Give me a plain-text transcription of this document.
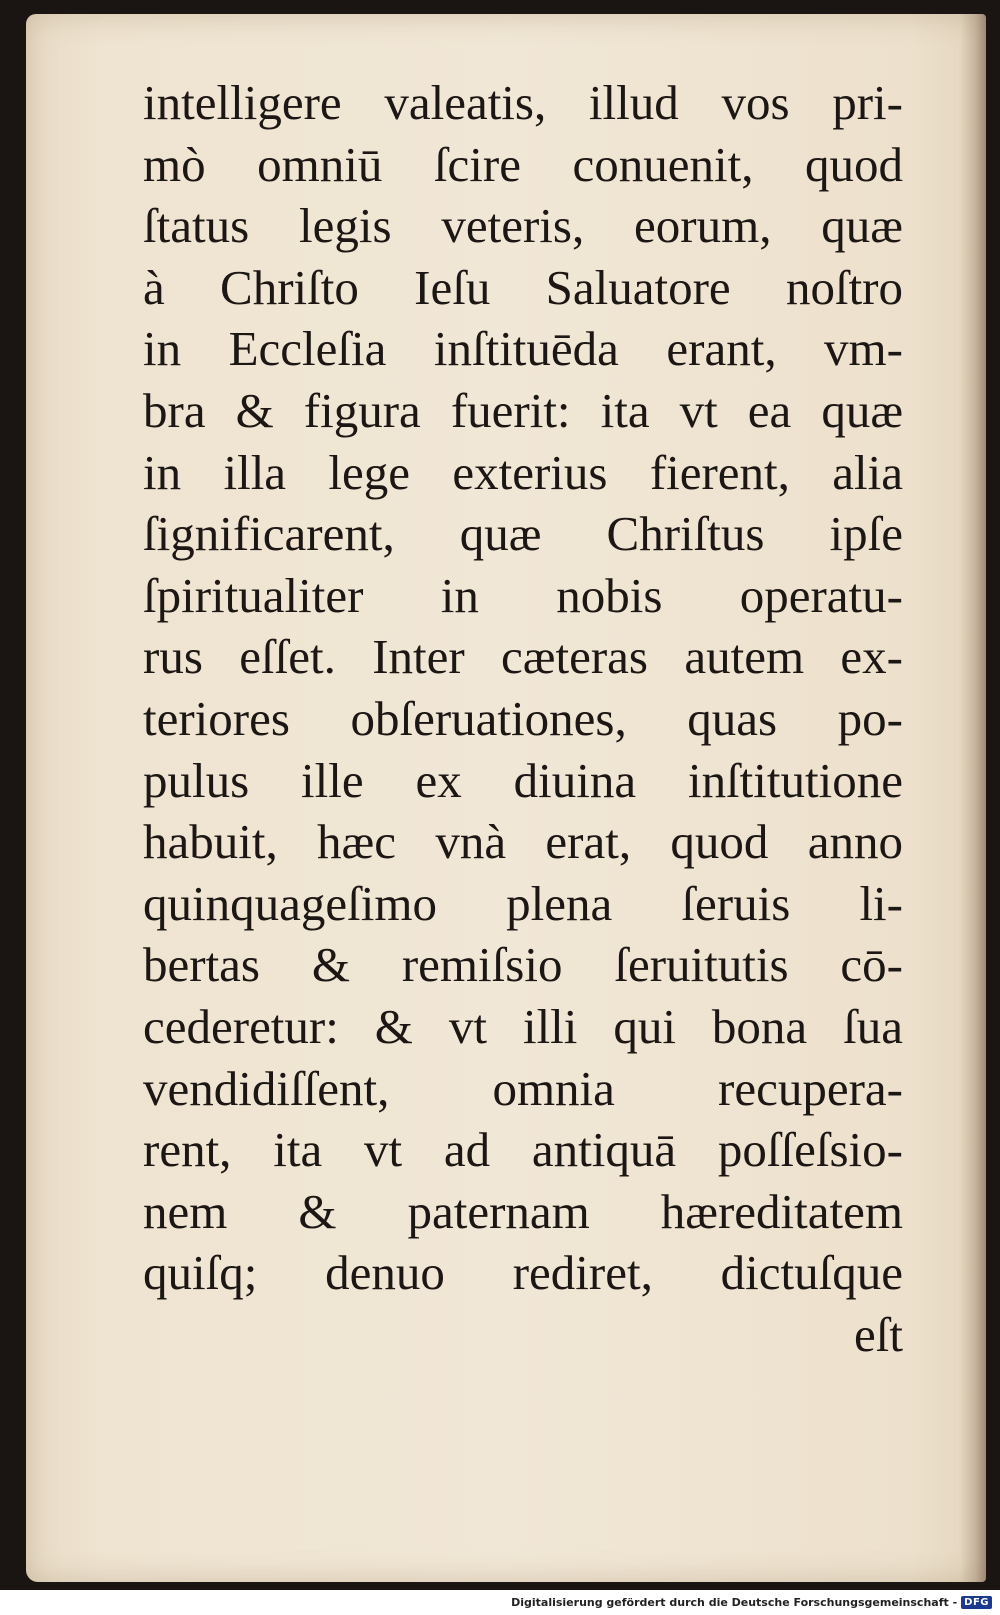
intelligere valeatis, illud vos pri-
mò omniū ſcire conuenit, quod
ſtatus legis veteris, eorum, quæ
à Chriſto Ieſu Saluatore noſtro
in Eccleſia inſtituēda erant, vm-
bra & figura fuerit: ita vt ea quæ
in illa lege exterius fierent, alia
ſignificarent, quæ Chriſtus ipſe
ſpiritualiter in nobis operatu-
rus eſſet. Inter cæteras autem ex-
teriores obſeruationes, quas po-
pulus ille ex diuina inſtitutione
habuit, hæc vnà erat, quod anno
quinquageſimo plena ſeruis li-
bertas & remiſsio ſeruitutis cō-
cederetur: & vt illi qui bona ſua
vendidiſſent, omnia recupera-
rent, ita vt ad antiquā poſſeſsio-
nem & paternam hæreditatem
quiſq; denuo rediret, dictuſque
eſt
Digitalisierung gefördert durch die Deutsche Forschungsgemeinschaft - DFG
